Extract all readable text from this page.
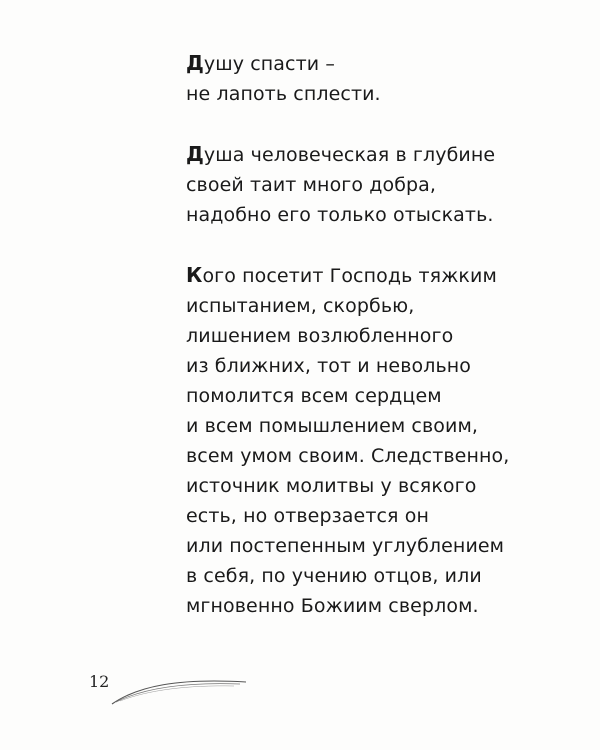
Душу спасти –
не лапоть сплести.
Душа человеческая в глубине
своей таит много добра,
надобно его только отыскать.
Кого посетит Господь тяжким
испытанием, скорбью,
лишением возлюбленного
из ближних, тот и невольно
помолится всем сердцем
и всем помышлением своим,
всем умом своим. Следственно,
источник молитвы у всякого
есть, но отверзается он
или постепенным углублением
в себя, по учению отцов, или
мгновенно Божиим сверлом.
12
